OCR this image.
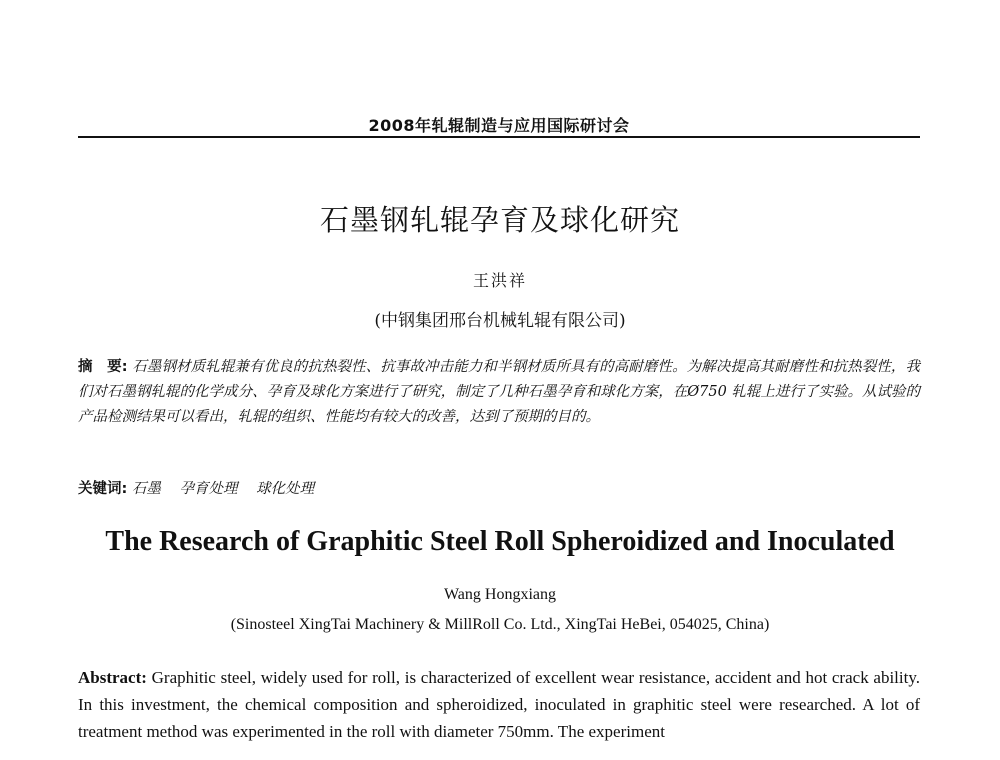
2008年轧辊制造与应用国际研讨会
石墨钢轧辊孕育及球化研究
王洪祥
(中钢集团邢台机械轧辊有限公司)
摘　要: 石墨钢材质轧辊兼有优良的抗热裂性、抗事故冲击能力和半钢材质所具有的高耐磨性。为解决提高其耐磨性和抗热裂性，我们对石墨钢轧辊的化学成分、孕育及球化方案进行了研究，制定了几种石墨孕育和球化方案，在Ø750 轧辊上进行了实验。从试验的产品检测结果可以看出，轧辊的组织、性能均有较大的改善，达到了预期的目的。
关键词: 石墨 孕育处理 球化处理
The Research of Graphitic Steel Roll Spheroidized and Inoculated
Wang Hongxiang
(Sinosteel XingTai Machinery & MillRoll Co. Ltd., XingTai HeBei, 054025, China)
Abstract: Graphitic steel, widely used for roll, is characterized of excellent wear resistance, accident and hot crack ability. In this investment, the chemical composition and spheroidized, inoculated in graphitic steel were researched. A lot of treatment method was experimented in the roll with diameter 750mm. The experiment
